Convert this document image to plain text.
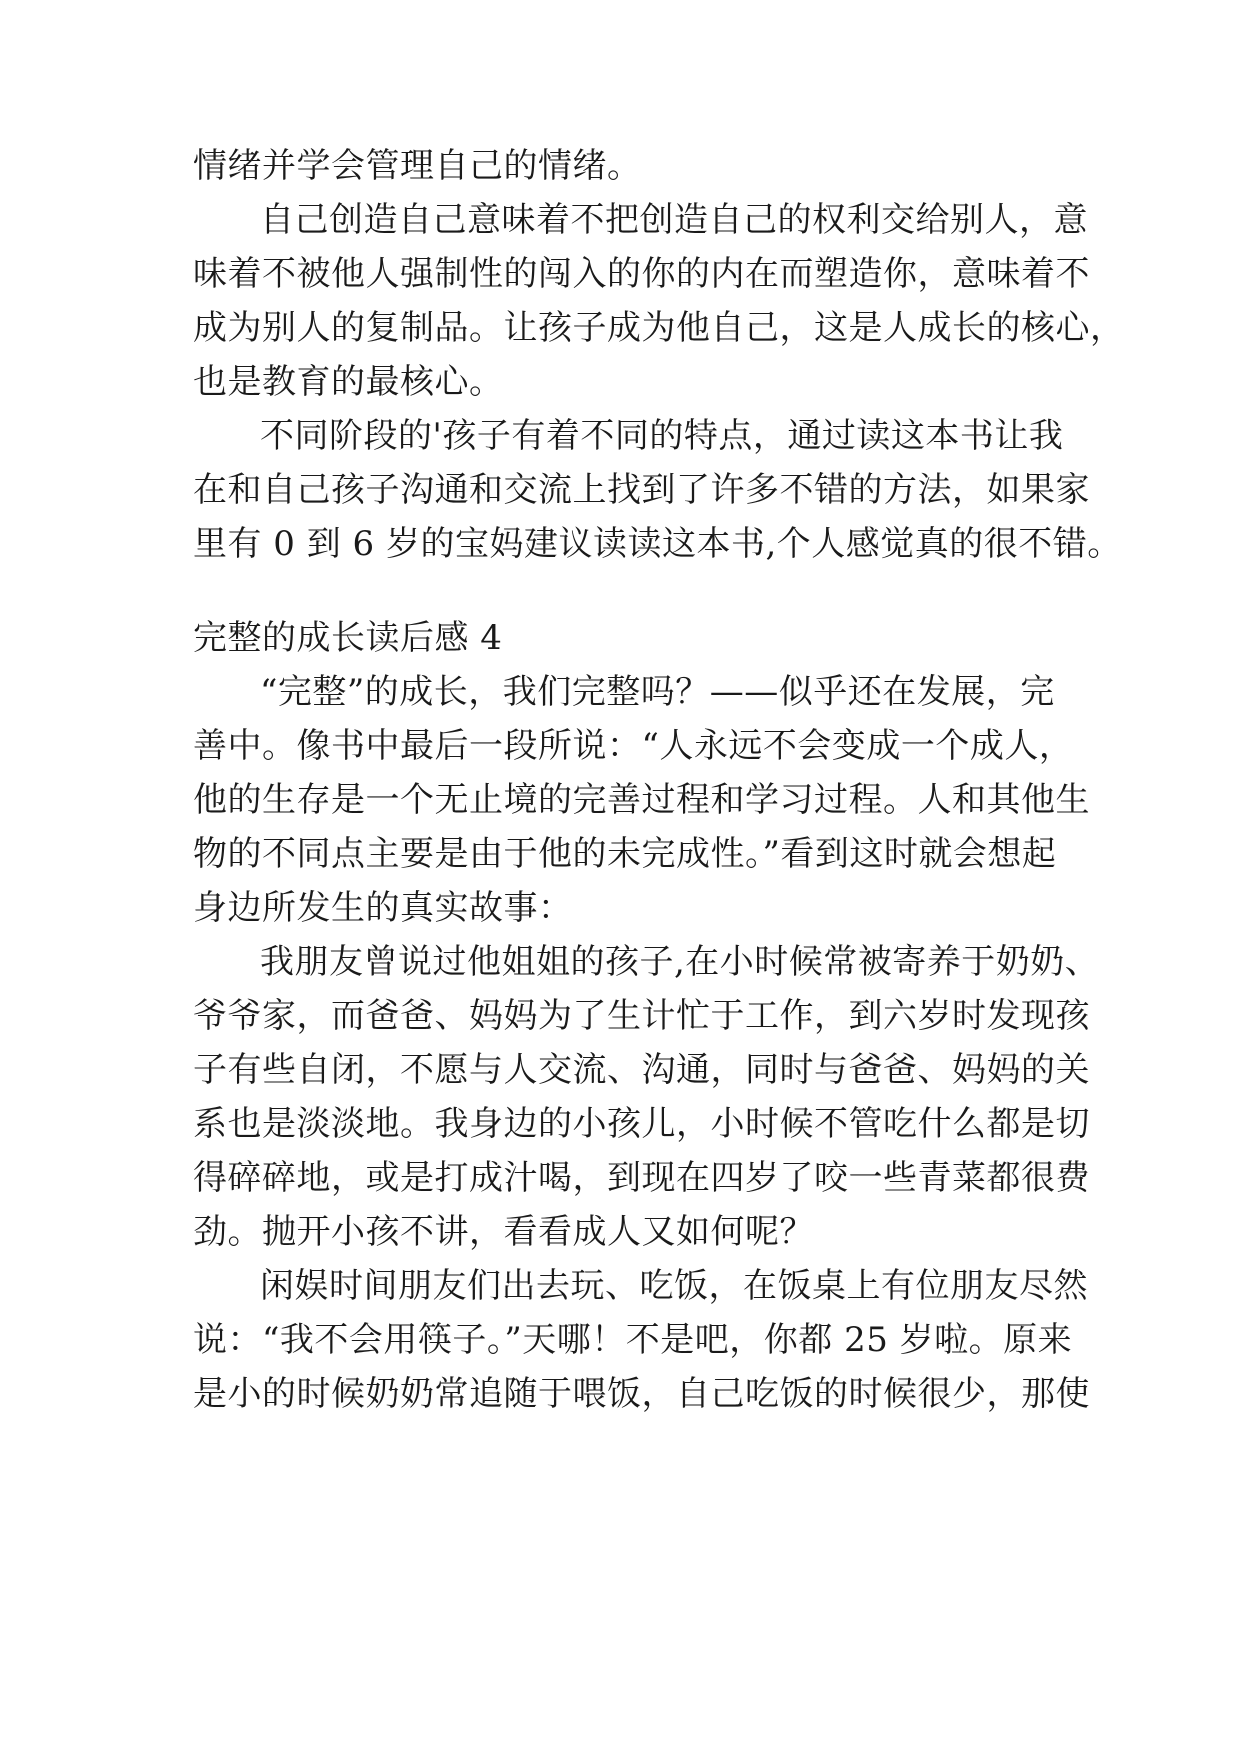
情绪并学会管理自己的情绪。
自己创造自己意味着不把创造自己的权利交给别人，意
味着不被他人强制性的闯入的你的内在而塑造你，意味着不
成为别人的复制品。让孩子成为他自己，这是人成长的核心，
也是教育的最核心。
不同阶段的'孩子有着不同的特点，通过读这本书让我
在和自己孩子沟通和交流上找到了许多不错的方法，如果家
里有 0 到 6 岁的宝妈建议读读这本书,个人感觉真的很不错。
完整的成长读后感 4
“完整”的成长，我们完整吗？——似乎还在发展，完
善中。像书中最后一段所说：“人永远不会变成一个成人，
他的生存是一个无止境的完善过程和学习过程。人和其他生
物的不同点主要是由于他的未完成性。”看到这时就会想起
身边所发生的真实故事：
我朋友曾说过他姐姐的孩子,在小时候常被寄养于奶奶、
爷爷家，而爸爸、妈妈为了生计忙于工作，到六岁时发现孩
子有些自闭，不愿与人交流、沟通，同时与爸爸、妈妈的关
系也是淡淡地。我身边的小孩儿，小时候不管吃什么都是切
得碎碎地，或是打成汁喝，到现在四岁了咬一些青菜都很费
劲。抛开小孩不讲，看看成人又如何呢？
闲娱时间朋友们出去玩、吃饭，在饭桌上有位朋友尽然
说：“我不会用筷子。”天哪！不是吧，你都 25 岁啦。原来
是小的时候奶奶常追随于喂饭，自己吃饭的时候很少，那使
